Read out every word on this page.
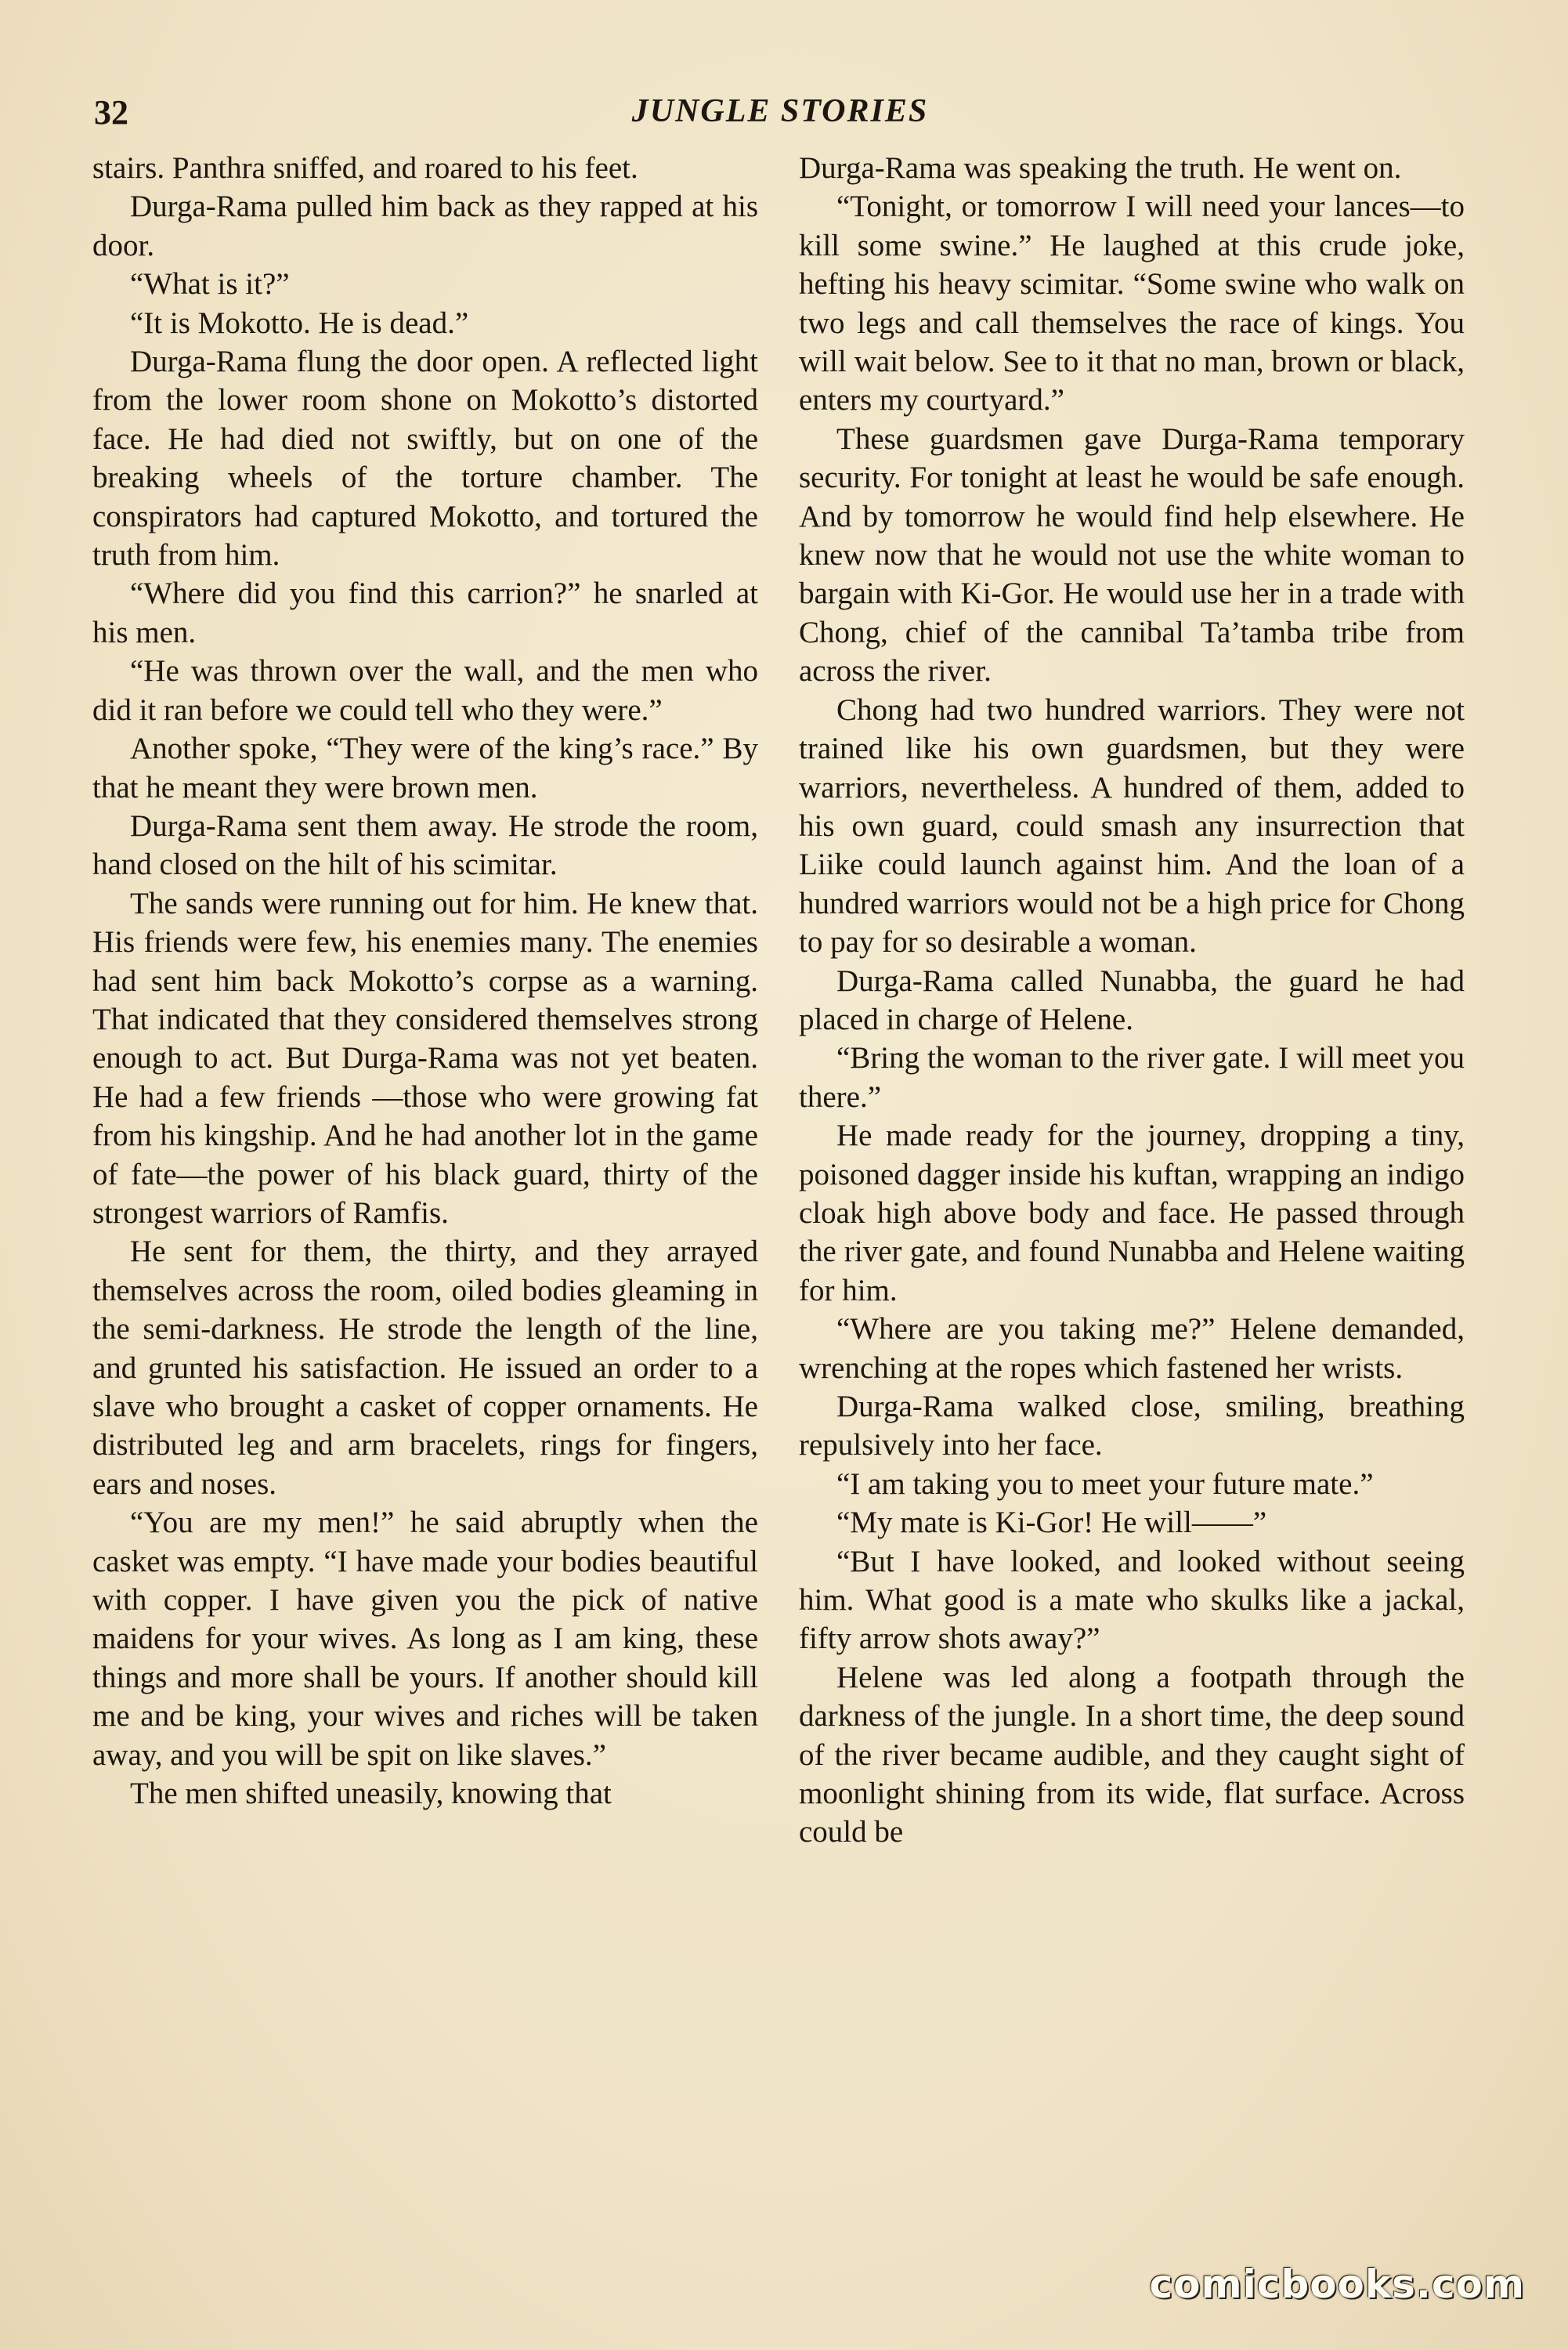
32	JUNGLE STORIES

stairs. Panthra sniffed, and roared to his feet.

Durga-Rama pulled him back as they rapped at his door.

“What is it?”

“It is Mokotto. He is dead.”

Durga-Rama flung the door open. A reflected light from the lower room shone on Mokotto’s distorted face. He had died not swiftly, but on one of the breaking wheels of the torture chamber. The conspirators had captured Mokotto, and tortured the truth from him.

“Where did you find this carrion?” he snarled at his men.

“He was thrown over the wall, and the men who did it ran before we could tell who they were.”

Another spoke, “They were of the king’s race.” By that he meant they were brown men.

Durga-Rama sent them away. He strode the room, hand closed on the hilt of his scimitar.

The sands were running out for him. He knew that. His friends were few, his enemies many. The enemies had sent him back Mokotto’s corpse as a warning. That indicated that they considered themselves strong enough to act. But Durga-Rama was not yet beaten. He had a few friends —those who were growing fat from his kingship. And he had another lot in the game of fate—the power of his black guard, thirty of the strongest warriors of Ramfis.

He sent for them, the thirty, and they arrayed themselves across the room, oiled bodies gleaming in the semi-darkness. He strode the length of the line, and grunted his satisfaction. He issued an order to a slave who brought a casket of copper ornaments. He distributed leg and arm bracelets, rings for fingers, ears and noses.

“You are my men!” he said abruptly when the casket was empty. “I have made your bodies beautiful with copper. I have given you the pick of native maidens for your wives. As long as I am king, these things and more shall be yours. If another should kill me and be king, your wives and riches will be taken away, and you will be spit on like slaves.”

The men shifted uneasily, knowing that

Durga-Rama was speaking the truth. He went on.

“Tonight, or tomorrow I will need your lances—to kill some swine.” He laughed at this crude joke, hefting his heavy scimitar. “Some swine who walk on two legs and call themselves the race of kings. You will wait below. See to it that no man, brown or black, enters my courtyard.”

These guardsmen gave Durga-Rama temporary security. For tonight at least he would be safe enough. And by tomorrow he would find help elsewhere. He knew now that he would not use the white woman to bargain with Ki-Gor. He would use her in a trade with Chong, chief of the cannibal Ta’tamba tribe from across the river.

Chong had two hundred warriors. They were not trained like his own guardsmen, but they were warriors, nevertheless. A hundred of them, added to his own guard, could smash any insurrection that Liike could launch against him. And the loan of a hundred warriors would not be a high price for Chong to pay for so desirable a woman.

Durga-Rama called Nunabba, the guard he had placed in charge of Helene.

“Bring the woman to the river gate. I will meet you there.”

He made ready for the journey, dropping a tiny, poisoned dagger inside his kuftan, wrapping an indigo cloak high above body and face. He passed through the river gate, and found Nunabba and Helene waiting for him.

“Where are you taking me?” Helene demanded, wrenching at the ropes which fastened her wrists.

Durga-Rama walked close, smiling, breathing repulsively into her face.

“I am taking you to meet your future mate.”

“My mate is Ki-Gor! He will——”

“But I have looked, and looked without seeing him. What good is a mate who skulks like a jackal, fifty arrow shots away?”

Helene was led along a footpath through the darkness of the jungle. In a short time, the deep sound of the river became audible, and they caught sight of moonlight shining from its wide, flat surface. Across could be

comicbooks.com
